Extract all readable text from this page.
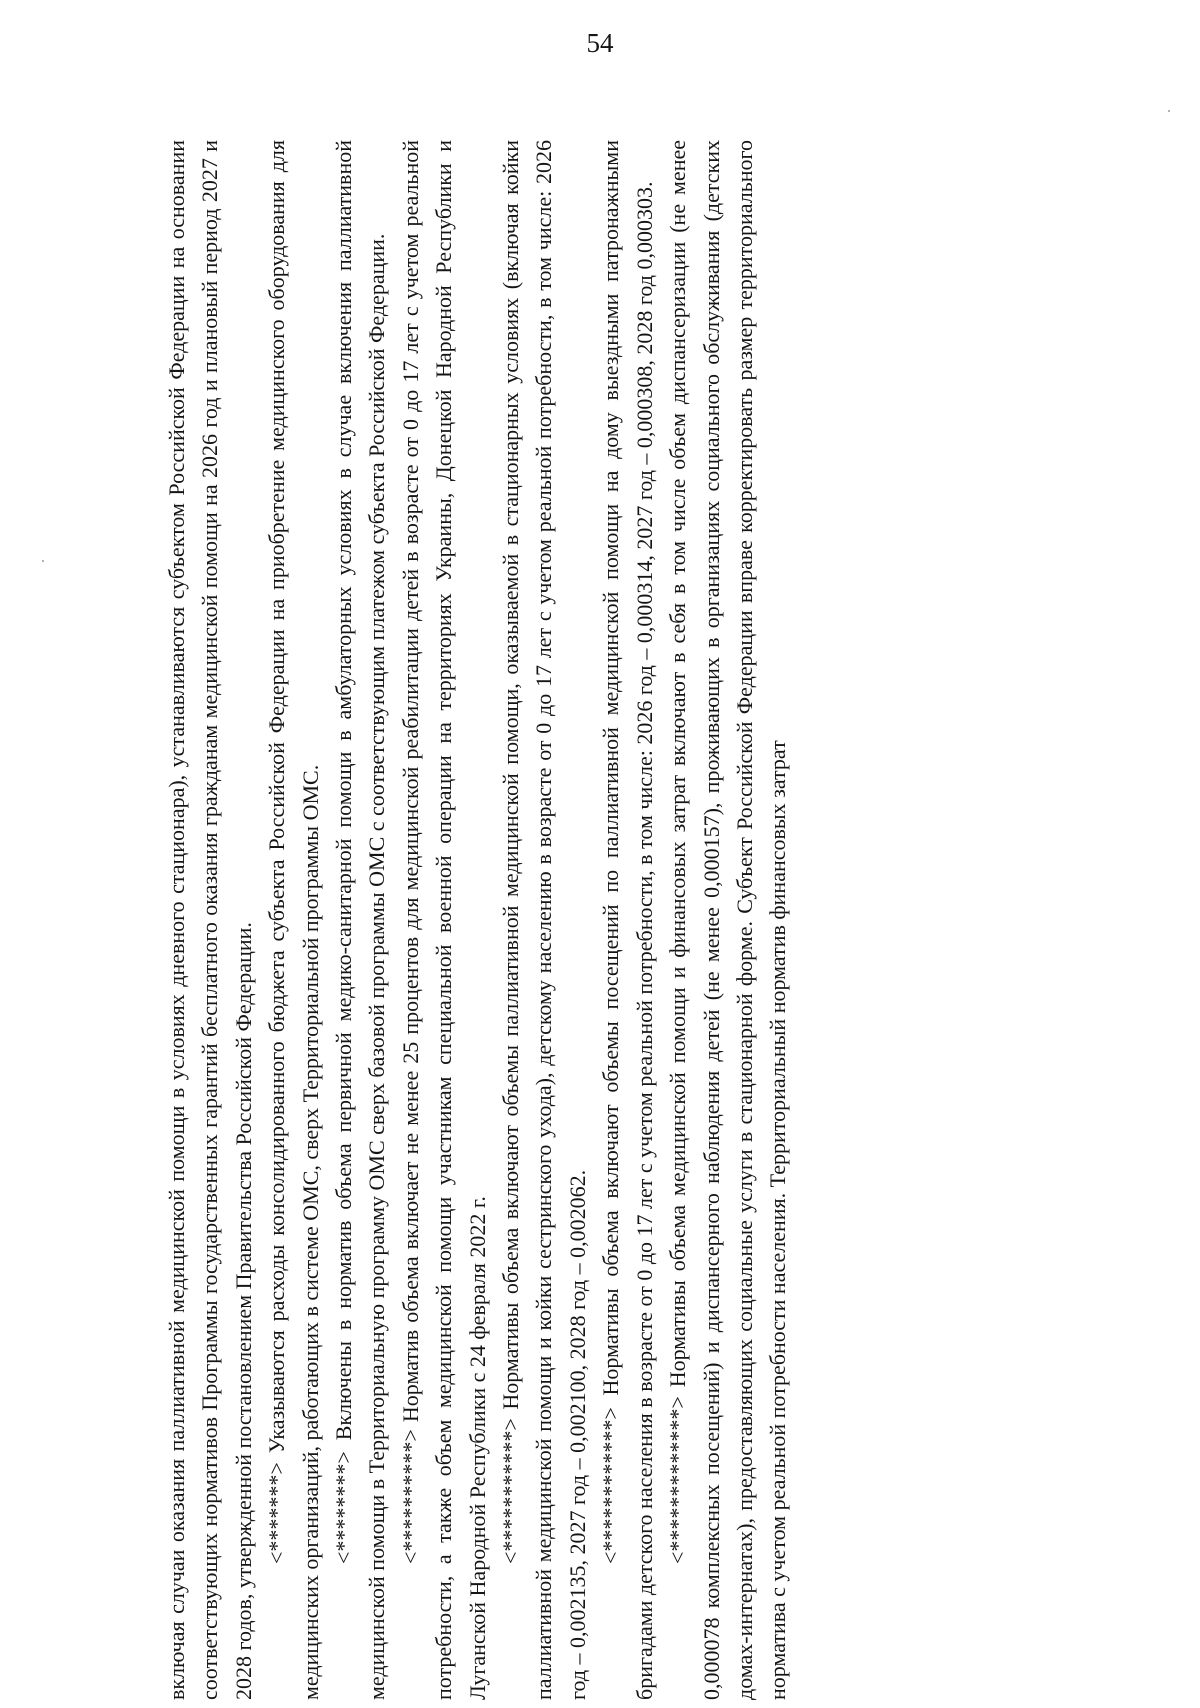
54

включая случаи оказания паллиативной медицинской помощи в условиях дневного стационара), устанавливаются субъектом Российской Федерации на основании соответствующих нормативов Программы государственных гарантий бесплатного оказания гражданам медицинской помощи на 2026 год и плановый период 2027 и 2028 годов, утвержденной постановлением Правительства Российской Федерации. <*******> Указываются расходы консолидированного бюджета субъекта Российской Федерации на приобретение медицинского оборудования для медицинских организаций, работающих в системе ОМС, сверх Территориальной программы ОМС. <********> Включены в норматив объема первичной медико-санитарной помощи в амбулаторных условиях в случае включения паллиативной медицинской помощи в Территориальную программу ОМС сверх базовой программы ОМС с соответствующим платежом субъекта Российской Федерации. <**********> Норматив объема включает не менее 25 процентов для медицинской реабилитации детей в возрасте от 0 до 17 лет с учетом реальной потребности, а также объем медицинской помощи участникам специальной военной операции на территориях Украины, Донецкой Народной Республики и Луганской Народной Республики с 24 февраля 2022 г. <***********> Нормативы объема включают объемы паллиативной медицинской помощи, оказываемой в стационарных условиях (включая койки паллиативной медицинской помощи и койки сестринского ухода), детскому населению в возрасте от 0 до 17 лет с учетом реальной потребности, в том числе: 2026 год – 0,002135, 2027 год – 0,002100, 2028 год – 0,002062. <************> Нормативы объема включают объемы посещений по паллиативной медицинской помощи на дому выездными патронажными бригадами детского населения в возрасте от 0 до 17 лет с учетом реальной потребности, в том числе: 2026 год – 0,000314, 2027 год – 0,000308, 2028 год 0,000303. <*************> Нормативы объема медицинской помощи и финансовых затрат включают в себя в том числе объем диспансеризации (не менее 0,000078 комплексных посещений) и диспансерного наблюдения детей (не менее 0,000157), проживающих в организациях социального обслуживания (детских домах-интернатах), предоставляющих социальные услуги в стационарной форме. Субъект Российской Федерации вправе корректировать размер территориального норматива с учетом реальной потребности населения. Территориальный норматив финансовых затрат
